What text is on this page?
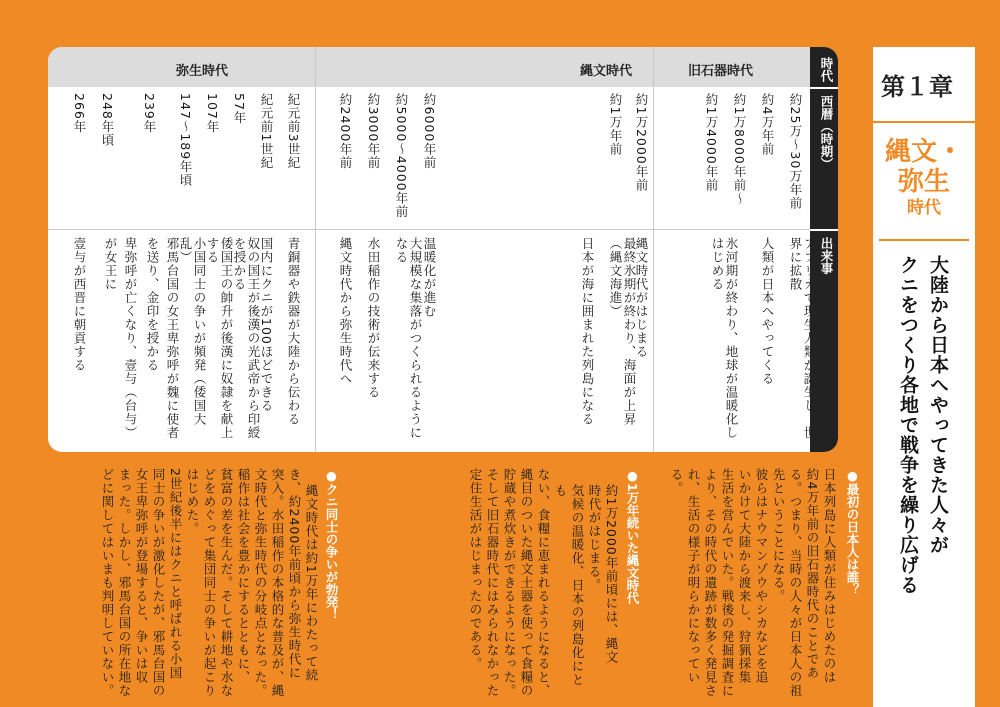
旧石器時代
縄文時代
弥生時代
約25万〜30万年前
約4万年前
約1万8000年前〜
約1万4000年前
界に拡散
人類が日本へやってくる
氷河期が終わり、地球が温暖化しはじめる
約1万2000年前
約1万年前
約6000年前
約5000〜4000年前
約3000年前
約2400年前
縄文時代がはじまる
最終氷期が終わり、海面が上昇（縄文海進）
日本が海に囲まれた列島になる
温暖化が進む
大規模な集落がつくられるようになる
水田稲作の技術が伝来する
縄文時代から弥生時代へ
紀元前3世紀
紀元前1世紀
57年
107年
147〜189年頃
239年
248年頃
266年
青銅器や鉄器が大陸から伝わる
国内にクニが100ほどできる
奴の国王が後漢の光武帝から印綬を授かる
倭国王の帥升が後漢に奴隷を献上する
小国同士の争いが頻発（倭国大乱）
邪馬台国の女王卑弥呼が魏に使者を送り、金印を授かる
卑弥呼が亡くなり、壹与（台与）が女王に
壹与が西晋に朝貢する
時代
西暦（時期）
出来事
第１章
縄文・
弥生
時代
大陸から日本へやってきた人々が
クニをつくり各地で戦争を繰り広げる
●最初の日本人は誰？
日本列島に人類が住みはじめたのは
約4万年前の旧石器時代のことであ
る。つまり、当時の人々が日本人の祖
先ということになる。
彼らはナウマンゾウやシカなどを追
いかけて大陸から渡来し、狩猟採集
生活を営んでいた。戦後の発掘調査に
より、その時代の遺跡が数多く発見さ
れ、生活の様子が明らかになっている。
●1万年続いた縄文時代
約1万2000年前頃には、縄文
時代がはじまる。
気候の温暖化、日本の列島化にとも
ない、食糧に恵まれるようになると、
縄目のついた縄文土器を使って食糧の
貯蔵や煮炊きができるようになった。
そして旧石器時代にはみられなかった
定住生活がはじまったのである。
●クニ同士の争いが勃発！
縄文時代は約1万年にわたって続
き、約2400年前頃から弥生時代に
突入。水田稲作の本格的な普及が、縄
文時代と弥生時代の分岐点となった。
稲作は社会を豊かにするとともに、
貧富の差を生んだ。そして耕地や水な
どをめぐって集団同士の争いが起こり
はじめた。
2世紀後半にはクニと呼ばれる小国
同士の争いが激化したが、邪馬台国の
女王卑弥呼が登場すると、争いは収
まった。しかし、邪馬台国の所在地な
どに関してはいまも判明していない。
